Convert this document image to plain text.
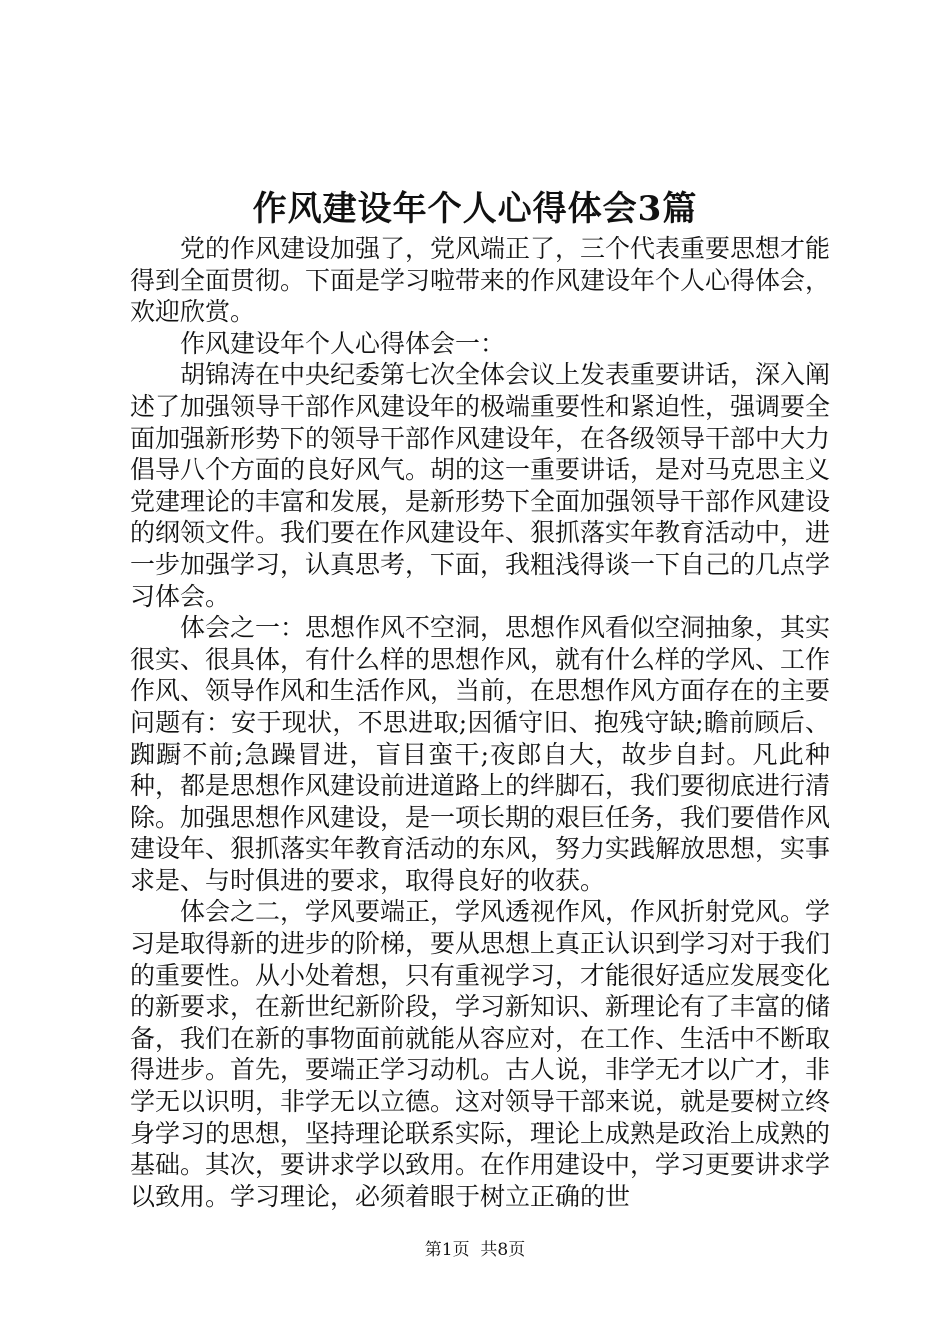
作风建设年个人心得体会3篇

党的作风建设加强了，党风端正了，三个代表重要思想才能得到全面贯彻。下面是学习啦带来的作风建设年个人心得体会，欢迎欣赏。

作风建设年个人心得体会一：

胡锦涛在中央纪委第七次全体会议上发表重要讲话，深入阐述了加强领导干部作风建设年的极端重要性和紧迫性，强调要全面加强新形势下的领导干部作风建设年，在各级领导干部中大力倡导八个方面的良好风气。胡的这一重要讲话，是对马克思主义党建理论的丰富和发展，是新形势下全面加强领导干部作风建设的纲领文件。我们要在作风建设年、狠抓落实年教育活动中，进一步加强学习，认真思考，下面，我粗浅得谈一下自己的几点学习体会。

体会之一：思想作风不空洞，思想作风看似空洞抽象，其实很实、很具体，有什么样的思想作风，就有什么样的学风、工作作风、领导作风和生活作风，当前，在思想作风方面存在的主要问题有：安于现状，不思进取;因循守旧、抱残守缺;瞻前顾后、踟蹰不前;急躁冒进，盲目蛮干;夜郎自大，故步自封。凡此种种，都是思想作风建设前进道路上的绊脚石，我们要彻底进行清除。加强思想作风建设，是一项长期的艰巨任务，我们要借作风建设年、狠抓落实年教育活动的东风，努力实践解放思想，实事求是、与时俱进的要求，取得良好的收获。

体会之二，学风要端正，学风透视作风，作风折射党风。学习是取得新的进步的阶梯，要从思想上真正认识到学习对于我们的重要性。从小处着想，只有重视学习，才能很好适应发展变化的新要求，在新世纪新阶段，学习新知识、新理论有了丰富的储备，我们在新的事物面前就能从容应对，在工作、生活中不断取得进步。首先，要端正学习动机。古人说，非学无才以广才，非学无以识明，非学无以立德。这对领导干部来说，就是要树立终身学习的思想，坚持理论联系实际，理论上成熟是政治上成熟的基础。其次，要讲求学以致用。在作用建设中，学习更要讲求学以致用。学习理论，必须着眼于树立正确的世

第1页 共8页
